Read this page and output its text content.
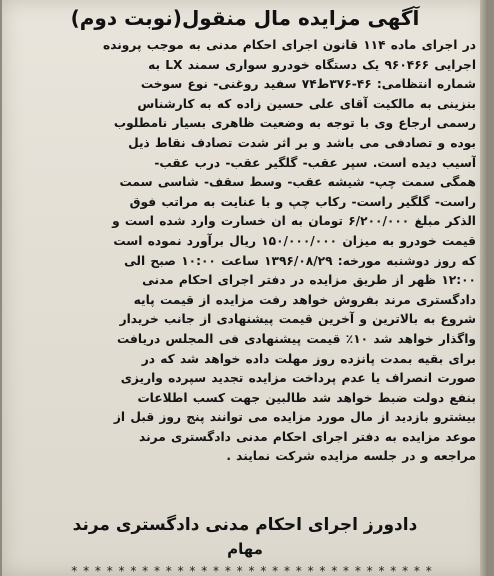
آگهی مزایده مال منقول(نوبت دوم)
در اجرای ماده ۱۱۴ قانون اجرای احکام مدنی به موجب پرونده
اجرایی ۹۶۰۴۶۶ یک دستگاه خودرو سواری سمند LX به
شماره انتظامی: ۴۶-۳۷۶ط۷۴ سفید روغنی- نوع سوخت
بنزینی به مالکیت آقای علی حسین زاده که به کارشناس
رسمی ارجاع وی با توجه به وضعیت ظاهری بسیار نامطلوب
بوده و تصادفی می باشد و بر اثر شدت تصادف نقاط ذیل
آسیب دیده است. سپر عقب- گلگیر عقب- درب عقب-
همگی سمت چپ- شیشه عقب- وسط سقف- شاسی سمت
راست- گلگیر راست- رکاب چپ و با عنایت به مراتب فوق
الذکر مبلغ ۶/۲۰۰/۰۰۰ تومان به ان خسارت وارد شده است و
قیمت خودرو به میزان ۱۵۰/۰۰۰/۰۰۰ ریال برآورد نموده است
که روز دوشنبه مورخه: ۱۳۹۶/۰۸/۲۹ ساعت ۱۰:۰۰ صبح الی
۱۲:۰۰ ظهر از طریق مزایده در دفتر اجرای احکام مدنی
دادگستری مرند بفروش خواهد رفت مزایده از قیمت پایه
شروع به بالاترین و آخرین قیمت پیشنهادی از جانب خریدار
واگذار خواهد شد ۱۰٪ قیمت پیشنهادی فی المجلس دریافت
برای بقیه بمدت پانزده روز مهلت داده خواهد شد که در
صورت انصراف یا عدم پرداخت مزایده تجدید سپرده واریزی
بنفع دولت ضبط خواهد شد طالبین جهت کسب اطلاعات
بیشترو بازدید از مال مورد مزایده می توانند پنج روز قبل از
موعد مزایده به دفتر اجرای احکام مدنی دادگستری مرند
مراجعه و در جلسه مزایده شرکت نمایند .
دادورز اجرای احکام مدنی دادگستری مرند
مهام
* * * * * * * * * * * * * * * * * * * * * * * * * * * * * * *
